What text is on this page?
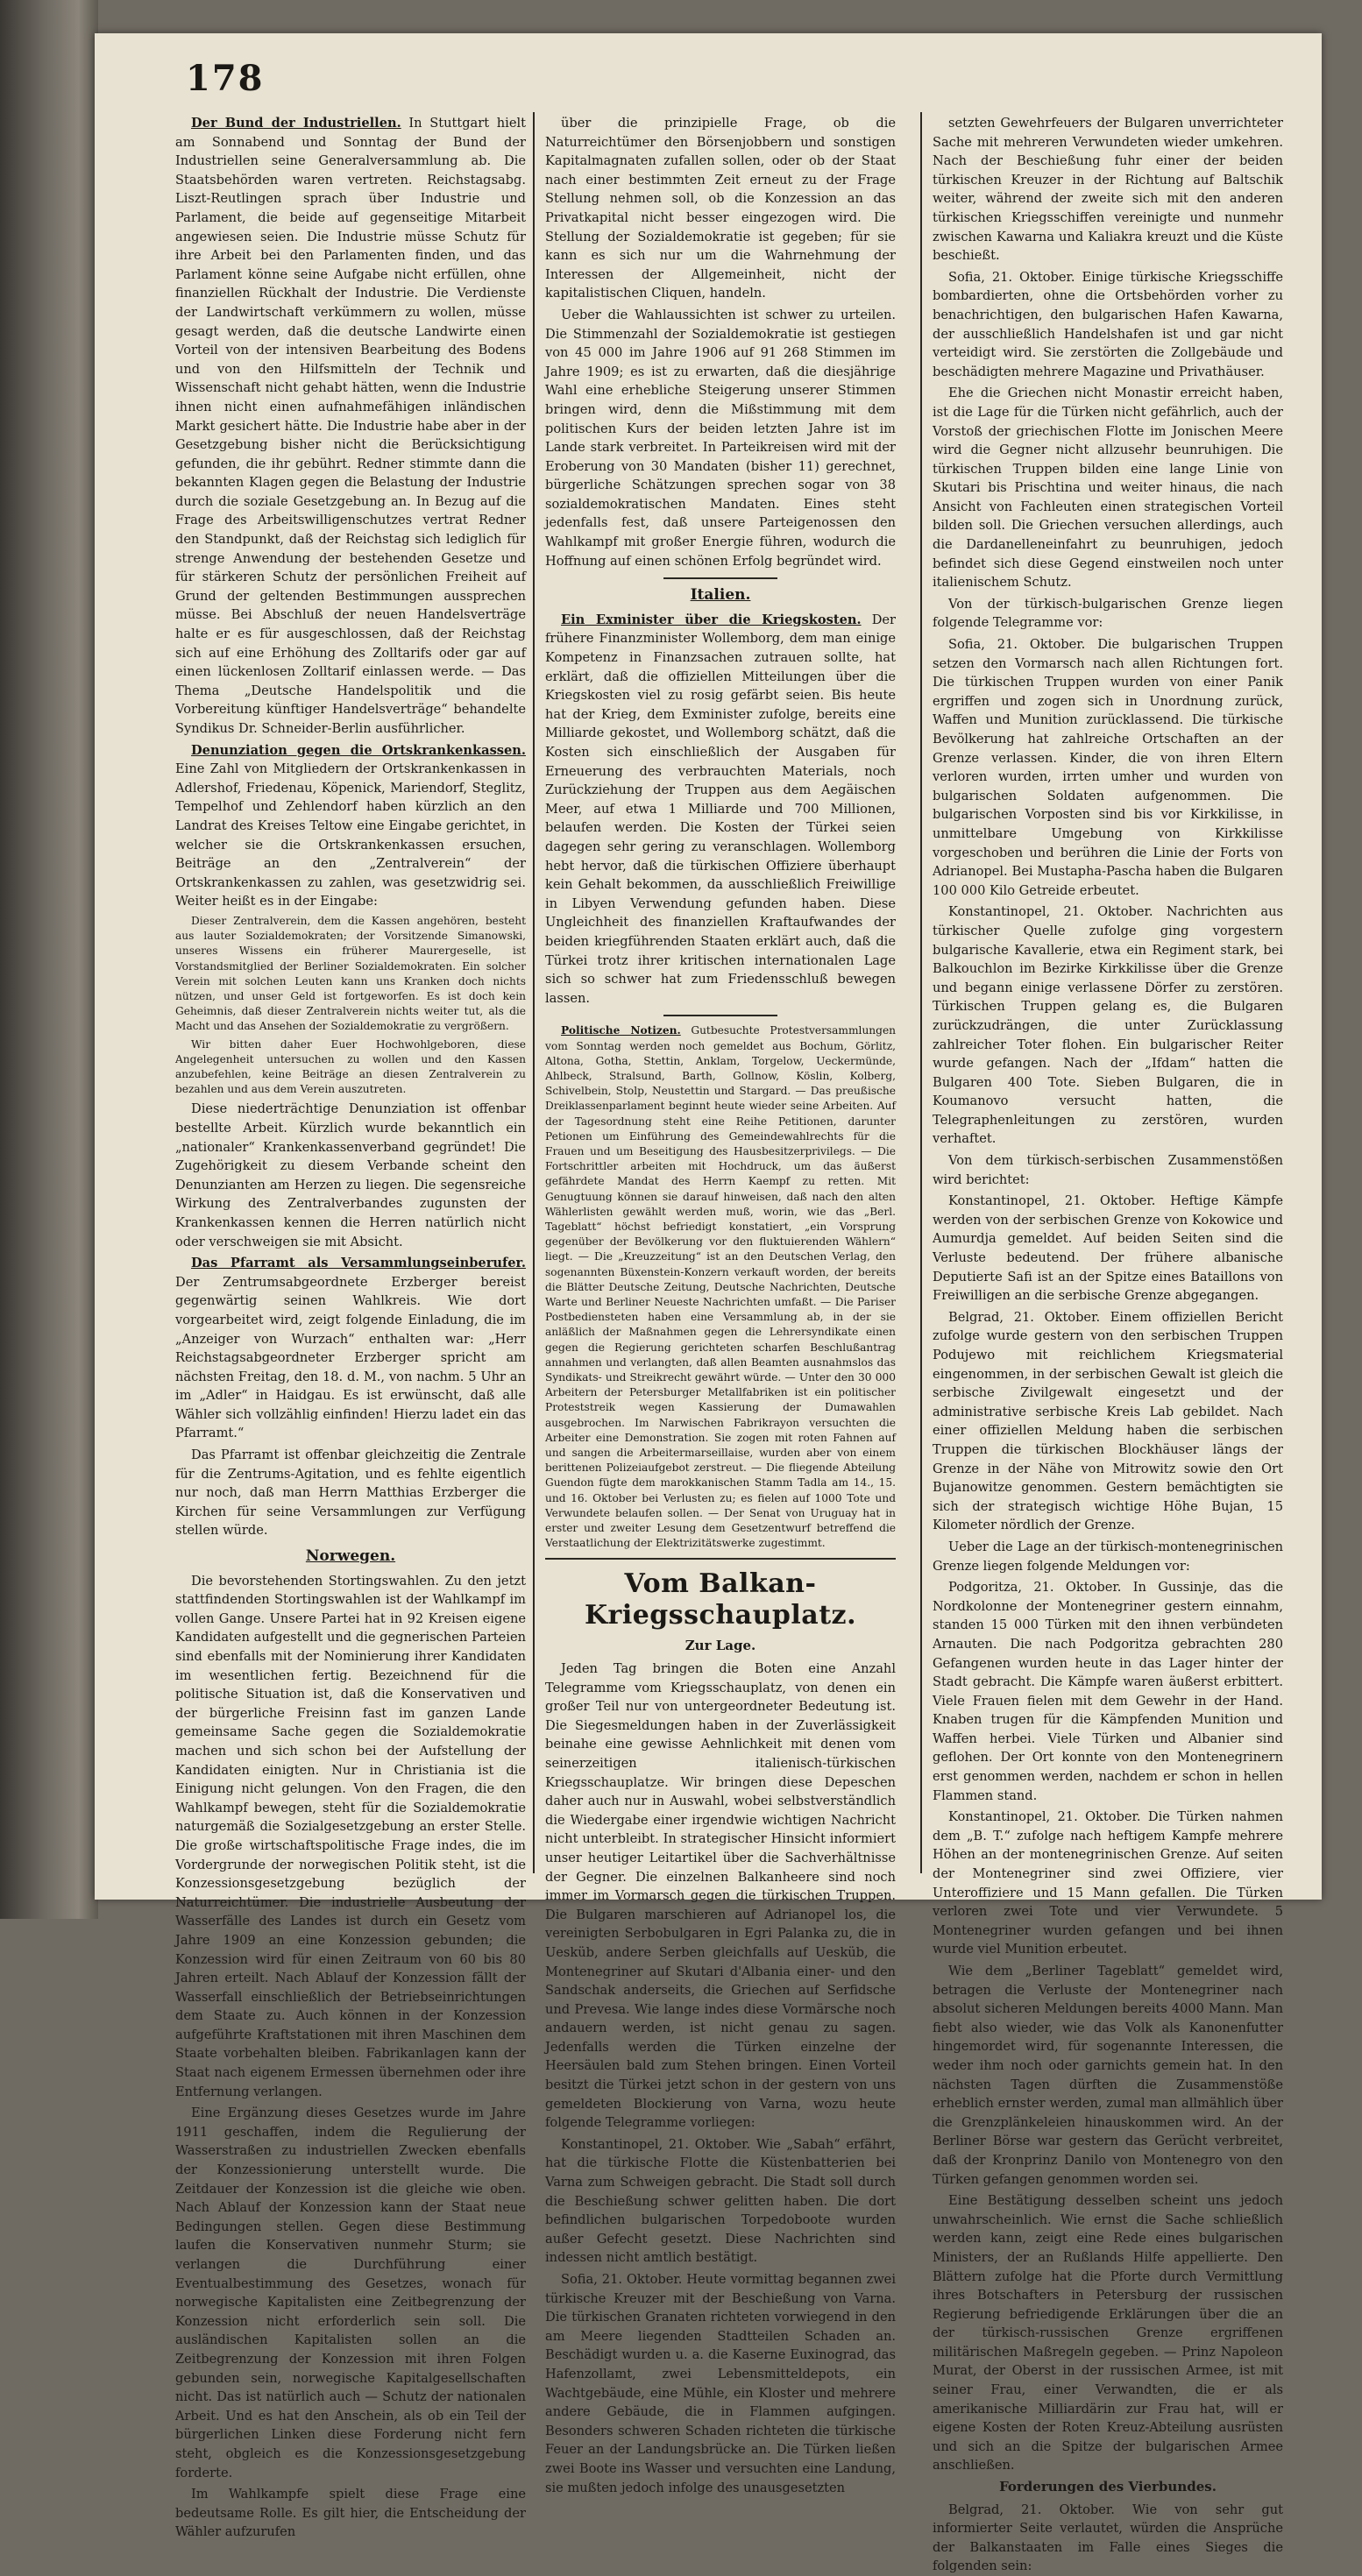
178

Der Bund der Industriellen. In Stuttgart hielt am Sonnabend und Sonntag der Bund der Industriellen seine Generalversammlung ab. Die Staatsbehörden waren vertreten. Reichstagsabg. Liszt-Reutlingen sprach über Industrie und Parlament, die beide auf gegenseitige Mitarbeit angewiesen seien. Die Industrie müsse Schutz für ihre Arbeit bei den Parlamenten finden, und das Parlament könne seine Aufgabe nicht erfüllen, ohne finanziellen Rückhalt der Industrie. Die Verdienste der Landwirtschaft verkümmern zu wollen, müsse gesagt werden, daß die deutsche Landwirte einen Vorteil von der intensiven Bearbeitung des Bodens und von den Hilfsmitteln der Technik und Wissenschaft nicht gehabt hätten, wenn die Industrie ihnen nicht einen aufnahmefähigen inländischen Markt gesichert hätte. Die Industrie habe aber in der Gesetzgebung bisher nicht die Berücksichtigung gefunden, die ihr gebührt. Redner stimmte dann die bekannten Klagen gegen die Belastung der Industrie durch die soziale Gesetzgebung an. In Bezug auf die Frage des Arbeitswilligenschutzes vertrat Redner den Standpunkt, daß der Reichstag sich lediglich für strenge Anwendung der bestehenden Gesetze und für stärkeren Schutz der persönlichen Freiheit auf Grund der geltenden Bestimmungen aussprechen müsse. Bei Abschluß der neuen Handelsverträge halte er es für ausgeschlossen, daß der Reichstag sich auf eine Erhöhung des Zolltarifs oder gar auf einen lückenlosen Zolltarif einlassen werde. — Das Thema „Deutsche Handelspolitik und die Vorbereitung künftiger Handelsverträge“ behandelte Syndikus Dr. Schneider-Berlin ausführlicher.

Denunziation gegen die Ortskrankenkassen. Eine Zahl von Mitgliedern der Ortskrankenkassen in Adlershof, Friedenau, Köpenick, Mariendorf, Steglitz, Tempelhof und Zehlendorf haben kürzlich an den Landrat des Kreises Teltow eine Eingabe gerichtet, in welcher sie die Ortskrankenkassen ersuchen, Beiträge an den „Zentralverein“ der Ortskrankenkassen zu zahlen, was gesetzwidrig sei. Weiter heißt es in der Eingabe:

Dieser Zentralverein, dem die Kassen angehören, besteht aus lauter Sozialdemokraten; der Vorsitzende Simanowski, unseres Wissens ein früherer Maurergeselle, ist Vorstandsmitglied der Berliner Sozialdemokraten. Ein solcher Verein mit solchen Leuten kann uns Kranken doch nichts nützen, und unser Geld ist fortgeworfen. Es ist doch kein Geheimnis, daß dieser Zentralverein nichts weiter tut, als die Macht und das Ansehen der Sozialdemokratie zu vergrößern.

Wir bitten daher Euer Hochwohlgeboren, diese Angelegenheit untersuchen zu wollen und den Kassen anzubefehlen, keine Beiträge an diesen Zentralverein zu bezahlen und aus dem Verein auszutreten.

Diese niederträchtige Denunziation ist offenbar bestellte Arbeit. Kürzlich wurde bekanntlich ein „nationaler“ Krankenkassenverband gegründet! Die Zugehörigkeit zu diesem Verbande scheint den Denunzianten am Herzen zu liegen. Die segensreiche Wirkung des Zentralverbandes zugunsten der Krankenkassen kennen die Herren natürlich nicht oder verschweigen sie mit Absicht.

Das Pfarramt als Versammlungseinberufer. Der Zentrumsabgeordnete Erzberger bereist gegenwärtig seinen Wahlkreis. Wie dort vorgearbeitet wird, zeigt folgende Einladung, die im „Anzeiger von Wurzach“ enthalten war: „Herr Reichstagsabgeordneter Erzberger spricht am nächsten Freitag, den 18. d. M., von nachm. 5 Uhr an im „Adler“ in Haidgau. Es ist erwünscht, daß alle Wähler sich vollzählig einfinden! Hierzu ladet ein das Pfarramt.“

Das Pfarramt ist offenbar gleichzeitig die Zentrale für die Zentrums-Agitation, und es fehlte eigentlich nur noch, daß man Herrn Matthias Erzberger die Kirchen für seine Versammlungen zur Verfügung stellen würde.

Norwegen.

Die bevorstehenden Stortingswahlen. Zu den jetzt stattfindenden Stortingswahlen ist der Wahlkampf im vollen Gange. Unsere Partei hat in 92 Kreisen eigene Kandidaten aufgestellt und die gegnerischen Parteien sind ebenfalls mit der Nominierung ihrer Kandidaten im wesentlichen fertig. Bezeichnend für die politische Situation ist, daß die Konservativen und der bürgerliche Freisinn fast im ganzen Lande gemeinsame Sache gegen die Sozialdemokratie machen und sich schon bei der Aufstellung der Kandidaten einigten. Nur in Christiania ist die Einigung nicht gelungen. Von den Fragen, die den Wahlkampf bewegen, steht für die Sozialdemokratie naturgemäß die Sozialgesetzgebung an erster Stelle. Die große wirtschaftspolitische Frage indes, die im Vordergrunde der norwegischen Politik steht, ist die Konzessionsgesetzgebung bezüglich der Naturreichtümer. Die industrielle Ausbeutung der Wasserfälle des Landes ist durch ein Gesetz vom Jahre 1909 an eine Konzession gebunden; die Konzession wird für einen Zeitraum von 60 bis 80 Jahren erteilt. Nach Ablauf der Konzession fällt der Wasserfall einschließlich der Betriebseinrichtungen dem Staate zu. Auch können in der Konzession aufgeführte Kraftstationen mit ihren Maschinen dem Staate vorbehalten bleiben. Fabrikanlagen kann der Staat nach eigenem Ermessen übernehmen oder ihre Entfernung verlangen.

Eine Ergänzung dieses Gesetzes wurde im Jahre 1911 geschaffen, indem die Regulierung der Wasserstraßen zu industriellen Zwecken ebenfalls der Konzessionierung unterstellt wurde. Die Zeitdauer der Konzession ist die gleiche wie oben. Nach Ablauf der Konzession kann der Staat neue Bedingungen stellen. Gegen diese Bestimmung laufen die Konservativen nunmehr Sturm; sie verlangen die Durchführung einer Eventualbestimmung des Gesetzes, wonach für norwegische Kapitalisten eine Zeitbegrenzung der Konzession nicht erforderlich sein soll. Die ausländischen Kapitalisten sollen an die Zeitbegrenzung der Konzession mit ihren Folgen gebunden sein, norwegische Kapitalgesellschaften nicht. Das ist natürlich auch — Schutz der nationalen Arbeit. Und es hat den Anschein, als ob ein Teil der bürgerlichen Linken diese Forderung nicht fern steht, obgleich es die Konzessionsgesetzgebung forderte.

Im Wahlkampfe spielt diese Frage eine bedeutsame Rolle. Es gilt hier, die Entscheidung der Wähler aufzurufen

über die prinzipielle Frage, ob die Naturreichtümer den Börsenjobbern und sonstigen Kapitalmagnaten zufallen sollen, oder ob der Staat nach einer bestimmten Zeit erneut zu der Frage Stellung nehmen soll, ob die Konzession an das Privatkapital nicht besser eingezogen wird. Die Stellung der Sozialdemokratie ist gegeben; für sie kann es sich nur um die Wahrnehmung der Interessen der Allgemeinheit, nicht der kapitalistischen Cliquen, handeln.

Ueber die Wahlaussichten ist schwer zu urteilen. Die Stimmenzahl der Sozialdemokratie ist gestiegen von 45 000 im Jahre 1906 auf 91 268 Stimmen im Jahre 1909; es ist zu erwarten, daß die diesjährige Wahl eine erhebliche Steigerung unserer Stimmen bringen wird, denn die Mißstimmung mit dem politischen Kurs der beiden letzten Jahre ist im Lande stark verbreitet. In Parteikreisen wird mit der Eroberung von 30 Mandaten (bisher 11) gerechnet, bürgerliche Schätzungen sprechen sogar von 38 sozialdemokratischen Mandaten. Eines steht jedenfalls fest, daß unsere Parteigenossen den Wahlkampf mit großer Energie führen, wodurch die Hoffnung auf einen schönen Erfolg begründet wird.

Italien.

Ein Exminister über die Kriegskosten. Der frühere Finanzminister Wollemborg, dem man einige Kompetenz in Finanzsachen zutrauen sollte, hat erklärt, daß die offiziellen Mitteilungen über die Kriegskosten viel zu rosig gefärbt seien. Bis heute hat der Krieg, dem Exminister zufolge, bereits eine Milliarde gekostet, und Wollemborg schätzt, daß die Kosten sich einschließlich der Ausgaben für Erneuerung des verbrauchten Materials, noch Zurückziehung der Truppen aus dem Aegäischen Meer, auf etwa 1 Milliarde und 700 Millionen, belaufen werden. Die Kosten der Türkei seien dagegen sehr gering zu veranschlagen. Wollemborg hebt hervor, daß die türkischen Offiziere überhaupt kein Gehalt bekommen, da ausschließlich Freiwillige in Libyen Verwendung gefunden haben. Diese Ungleichheit des finanziellen Kraftaufwandes der beiden kriegführenden Staaten erklärt auch, daß die Türkei trotz ihrer kritischen internationalen Lage sich so schwer hat zum Friedensschluß bewegen lassen.

Politische Notizen. Gutbesuchte Protestversammlungen vom Sonntag werden noch gemeldet aus Bochum, Görlitz, Altona, Gotha, Stettin, Anklam, Torgelow, Ueckermünde, Ahlbeck, Stralsund, Barth, Gollnow, Köslin, Kolberg, Schivelbein, Stolp, Neustettin und Stargard. — Das preußische Dreiklassenparlament beginnt heute wieder seine Arbeiten. Auf der Tagesordnung steht eine Reihe Petitionen, darunter Petionen um Einführung des Gemeindewahlrechts für die Frauen und um Beseitigung des Hausbesitzerprivilegs. — Die Fortschrittler arbeiten mit Hochdruck, um das äußerst gefährdete Mandat des Herrn Kaempf zu retten. Mit Genugtuung können sie darauf hinweisen, daß nach den alten Wählerlisten gewählt werden muß, worin, wie das „Berl. Tageblatt“ höchst befriedigt konstatiert, „ein Vorsprung gegenüber der Bevölkerung vor den fluktuierenden Wählern“ liegt. — Die „Kreuzzeitung“ ist an den Deutschen Verlag, den sogenannten Büxenstein-Konzern verkauft worden, der bereits die Blätter Deutsche Zeitung, Deutsche Nachrichten, Deutsche Warte und Berliner Neueste Nachrichten umfaßt. — Die Pariser Postbediensteten haben eine Versammlung ab, in der sie anläßlich der Maßnahmen gegen die Lehrersyndikate einen gegen die Regierung gerichteten scharfen Beschlußantrag annahmen und verlangten, daß allen Beamten ausnahmslos das Syndikats- und Streikrecht gewährt würde. — Unter den 30 000 Arbeitern der Petersburger Metallfabriken ist ein politischer Proteststreik wegen Kassierung der Dumawahlen ausgebrochen. Im Narwischen Fabrikrayon versuchten die Arbeiter eine Demonstration. Sie zogen mit roten Fahnen auf und sangen die Arbeitermarseillaise, wurden aber von einem berittenen Polizeiaufgebot zerstreut. — Die fliegende Abteilung Guendon fügte dem marokkanischen Stamm Tadla am 14., 15. und 16. Oktober bei Verlusten zu; es fielen auf 1000 Tote und Verwundete belaufen sollen. — Der Senat von Uruguay hat in erster und zweiter Lesung dem Gesetzentwurf betreffend die Verstaatlichung der Elektrizitätswerke zugestimmt.

Vom Balkan-Kriegsschauplatz.
Zur Lage.

Jeden Tag bringen die Boten eine Anzahl Telegramme vom Kriegsschauplatz, von denen ein großer Teil nur von untergeordneter Bedeutung ist. Die Siegesmeldungen haben in der Zuverlässigkeit beinahe eine gewisse Aehnlichkeit mit denen vom seinerzeitigen italienisch-türkischen Kriegsschauplatze. Wir bringen diese Depeschen daher auch nur in Auswahl, wobei selbstverständlich die Wiedergabe einer irgendwie wichtigen Nachricht nicht unterbleibt. In strategischer Hinsicht informiert unser heutiger Leitartikel über die Sachverhältnisse der Gegner. Die einzelnen Balkanheere sind noch immer im Vormarsch gegen die türkischen Truppen. Die Bulgaren marschieren auf Adrianopel los, die vereinigten Serbobulgaren in Egri Palanka zu, die in Uesküb, andere Serben gleichfalls auf Uesküb, die Montenegriner auf Skutari d'Albania einer- und den Sandschak anderseits, die Griechen auf Serfidsche und Prevesa. Wie lange indes diese Vormärsche noch andauern werden, ist nicht genau zu sagen. Jedenfalls werden die Türken einzelne der Heersäulen bald zum Stehen bringen. Einen Vorteil besitzt die Türkei jetzt schon in der gestern von uns gemeldeten Blockierung von Varna, wozu heute folgende Telegramme vorliegen:

Konstantinopel, 21. Oktober. Wie „Sabah“ erfährt, hat die türkische Flotte die Küstenbatterien bei Varna zum Schweigen gebracht. Die Stadt soll durch die Beschießung schwer gelitten haben. Die dort befindlichen bulgarischen Torpedoboote wurden außer Gefecht gesetzt. Diese Nachrichten sind indessen nicht amtlich bestätigt.

Sofia, 21. Oktober. Heute vormittag begannen zwei türkische Kreuzer mit der Beschießung von Varna. Die türkischen Granaten richteten vorwiegend in den am Meere liegenden Stadtteilen Schaden an. Beschädigt wurden u. a. die Kaserne Euxinograd, das Hafenzollamt, zwei Lebensmitteldepots, ein Wachtgebäude, eine Mühle, ein Kloster und mehrere andere Gebäude, die in Flammen aufgingen. Besonders schweren Schaden richteten die türkische Feuer an der Landungsbrücke an. Die Türken ließen zwei Boote ins Wasser und versuchten eine Landung, sie mußten jedoch infolge des unausgesetzten

setzten Gewehrfeuers der Bulgaren unverrichteter Sache mit mehreren Verwundeten wieder umkehren. Nach der Beschießung fuhr einer der beiden türkischen Kreuzer in der Richtung auf Baltschik weiter, während der zweite sich mit den anderen türkischen Kriegsschiffen vereinigte und nunmehr zwischen Kawarna und Kaliakra kreuzt und die Küste beschießt.

Sofia, 21. Oktober. Einige türkische Kriegsschiffe bombardierten, ohne die Ortsbehörden vorher zu benachrichtigen, den bulgarischen Hafen Kawarna, der ausschließlich Handelshafen ist und gar nicht verteidigt wird. Sie zerstörten die Zollgebäude und beschädigten mehrere Magazine und Privathäuser.

Ehe die Griechen nicht Monastir erreicht haben, ist die Lage für die Türken nicht gefährlich, auch der Vorstoß der griechischen Flotte im Jonischen Meere wird die Gegner nicht allzusehr beunruhigen. Die türkischen Truppen bilden eine lange Linie von Skutari bis Prischtina und weiter hinaus, die nach Ansicht von Fachleuten einen strategischen Vorteil bilden soll. Die Griechen versuchen allerdings, auch die Dardanelleneinfahrt zu beunruhigen, jedoch befindet sich diese Gegend einstweilen noch unter italienischem Schutz.

Von der türkisch-bulgarischen Grenze liegen folgende Telegramme vor:

Sofia, 21. Oktober. Die bulgarischen Truppen setzen den Vormarsch nach allen Richtungen fort. Die türkischen Truppen wurden von einer Panik ergriffen und zogen sich in Unordnung zurück, Waffen und Munition zurücklassend. Die türkische Bevölkerung hat zahlreiche Ortschaften an der Grenze verlassen. Kinder, die von ihren Eltern verloren wurden, irrten umher und wurden von bulgarischen Soldaten aufgenommen. Die bulgarischen Vorposten sind bis vor Kirkkilisse, in unmittelbare Umgebung von Kirkkilisse vorgeschoben und berühren die Linie der Forts von Adrianopel. Bei Mustapha-Pascha haben die Bulgaren 100 000 Kilo Getreide erbeutet.

Konstantinopel, 21. Oktober. Nachrichten aus türkischer Quelle zufolge ging vorgestern bulgarische Kavallerie, etwa ein Regiment stark, bei Balkouchlon im Bezirke Kirkkilisse über die Grenze und begann einige verlassene Dörfer zu zerstören. Türkischen Truppen gelang es, die Bulgaren zurückzudrängen, die unter Zurücklassung zahlreicher Toter flohen. Ein bulgarischer Reiter wurde gefangen. Nach der „Ifdam“ hatten die Bulgaren 400 Tote. Sieben Bulgaren, die in Koumanovo versucht hatten, die Telegraphenleitungen zu zerstören, wurden verhaftet.

Von dem türkisch-serbischen Zusammenstößen wird berichtet:

Konstantinopel, 21. Oktober. Heftige Kämpfe werden von der serbischen Grenze von Kokowice und Aumurdja gemeldet. Auf beiden Seiten sind die Verluste bedeutend. Der frühere albanische Deputierte Safi ist an der Spitze eines Bataillons von Freiwilligen an die serbische Grenze abgegangen.

Belgrad, 21. Oktober. Einem offiziellen Bericht zufolge wurde gestern von den serbischen Truppen Podujewo mit reichlichem Kriegsmaterial eingenommen, in der serbischen Gewalt ist gleich die serbische Zivilgewalt eingesetzt und der administrative serbische Kreis Lab gebildet. Nach einer offiziellen Meldung haben die serbischen Truppen die türkischen Blockhäuser längs der Grenze in der Nähe von Mitrowitz sowie den Ort Bujanowitze genommen. Gestern bemächtigten sie sich der strategisch wichtige Höhe Bujan, 15 Kilometer nördlich der Grenze.

Ueber die Lage an der türkisch-montenegrinischen Grenze liegen folgende Meldungen vor:

Podgoritza, 21. Oktober. In Gussinje, das die Nordkolonne der Montenegriner gestern einnahm, standen 15 000 Türken mit den ihnen verbündeten Arnauten. Die nach Podgoritza gebrachten 280 Gefangenen wurden heute in das Lager hinter der Stadt gebracht. Die Kämpfe waren äußerst erbittert. Viele Frauen fielen mit dem Gewehr in der Hand. Knaben trugen für die Kämpfenden Munition und Waffen herbei. Viele Türken und Albanier sind geflohen. Der Ort konnte von den Montenegrinern erst genommen werden, nachdem er schon in hellen Flammen stand.

Konstantinopel, 21. Oktober. Die Türken nahmen dem „B. T.“ zufolge nach heftigem Kampfe mehrere Höhen an der montenegrinischen Grenze. Auf seiten der Montenegriner sind zwei Offiziere, vier Unteroffiziere und 15 Mann gefallen. Die Türken verloren zwei Tote und vier Verwundete. 5 Montenegriner wurden gefangen und bei ihnen wurde viel Munition erbeutet.

Wie dem „Berliner Tageblatt“ gemeldet wird, betragen die Verluste der Montenegriner nach absolut sicheren Meldungen bereits 4000 Mann. Man fiebt also wieder, wie das Volk als Kanonenfutter hingemordet wird, für sogenannte Interessen, die weder ihm noch oder garnichts gemein hat. In den nächsten Tagen dürften die Zusammenstöße erheblich ernster werden, zumal man allmählich über die Grenzplänkeleien hinauskommen wird. An der Berliner Börse war gestern das Gerücht verbreitet, daß der Kronprinz Danilo von Montenegro von den Türken gefangen genommen worden sei.

Eine Bestätigung desselben scheint uns jedoch unwahrscheinlich. Wie ernst die Sache schließlich werden kann, zeigt eine Rede eines bulgarischen Ministers, der an Rußlands Hilfe appellierte. Den Blättern zufolge hat die Pforte durch Vermittlung ihres Botschafters in Petersburg der russischen Regierung befriedigende Erklärungen über die an der türkisch-russischen Grenze ergriffenen militärischen Maßregeln gegeben. — Prinz Napoleon Murat, der Oberst in der russischen Armee, ist mit seiner Frau, einer Verwandten, die er als amerikanische Milliardärin zur Frau hat, will er eigene Kosten der Roten Kreuz-Abteilung ausrüsten und sich an die Spitze der bulgarischen Armee anschließen.

Forderungen des Vierbundes.

Belgrad, 21. Oktober. Wie von sehr gut informierter Seite verlautet, würden die Ansprüche der Balkanstaaten im Falle eines Sieges die folgenden sein:
